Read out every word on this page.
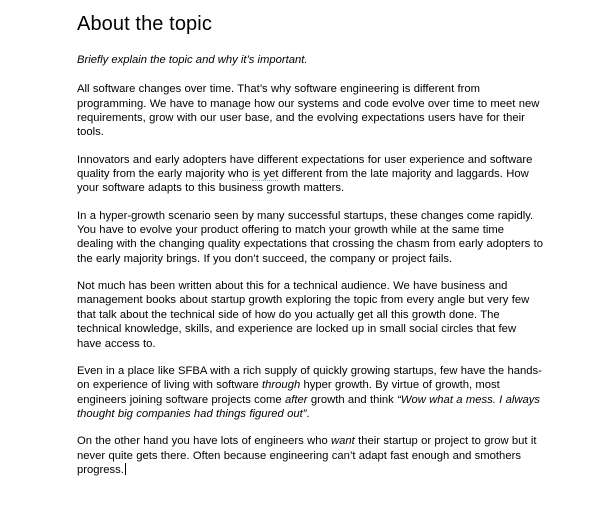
About the topic

Briefly explain the topic and why it’s important.

All software changes over time. That’s why software engineering is different from programming. We have to manage how our systems and code evolve over time to meet new requirements, grow with our user base, and the evolving expectations users have for their tools.

Innovators and early adopters have different expectations for user experience and software quality from the early majority who is yet different from the late majority and laggards. How your software adapts to this business growth matters.

In a hyper-growth scenario seen by many successful startups, these changes come rapidly. You have to evolve your product offering to match your growth while at the same time dealing with the changing quality expectations that crossing the chasm from early adopters to the early majority brings. If you don’t succeed, the company or project fails.

Not much has been written about this for a technical audience. We have business and management books about startup growth exploring the topic from every angle but very few that talk about the technical side of how do you actually get all this growth done. The technical knowledge, skills, and experience are locked up in small social circles that few have access to.

Even in a place like SFBA with a rich supply of quickly growing startups, few have the hands-on experience of living with software through hyper growth. By virtue of growth, most engineers joining software projects come after growth and think “Wow what a mess. I always thought big companies had things figured out”.

On the other hand you have lots of engineers who want their startup or project to grow but it never quite gets there. Often because engineering can’t adapt fast enough and smothers progress.
